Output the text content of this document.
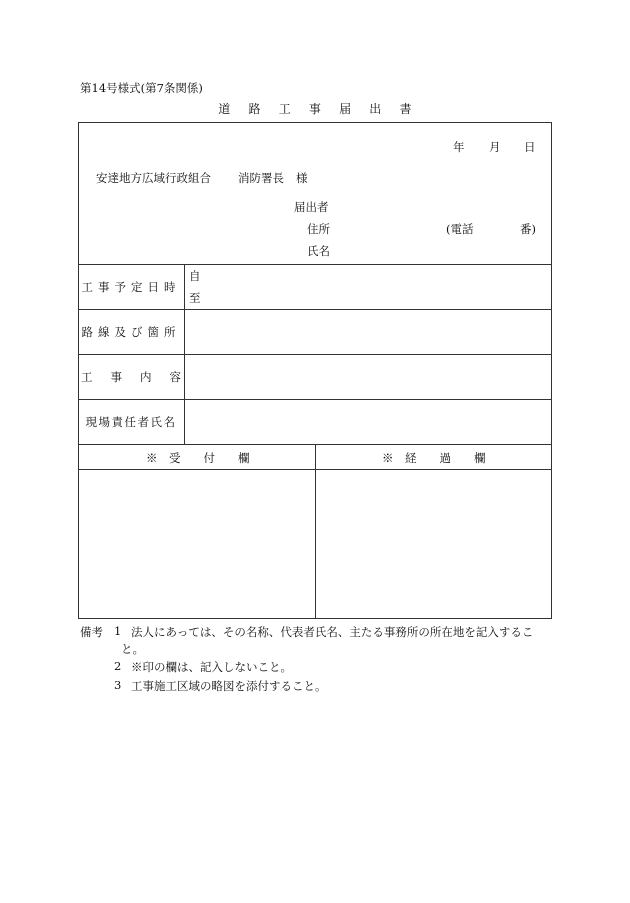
第14号様式(第7条関係)
道 路 工 事 届 出 書
年 月 日
安達地方広域行政組合 消防署長 様
届出者
住所	(電話	番)
氏名
工事予定日時
自
至
路線及び箇所
工 事 内 容
現場責任者氏名
※　受　　付　　欄	※　経　　過　　欄
備考 1 法人にあっては、その名称、代表者氏名、主たる事務所の所在地を記入するこ
と。
2 ※印の欄は、記入しないこと。
3 工事施工区域の略図を添付すること。
